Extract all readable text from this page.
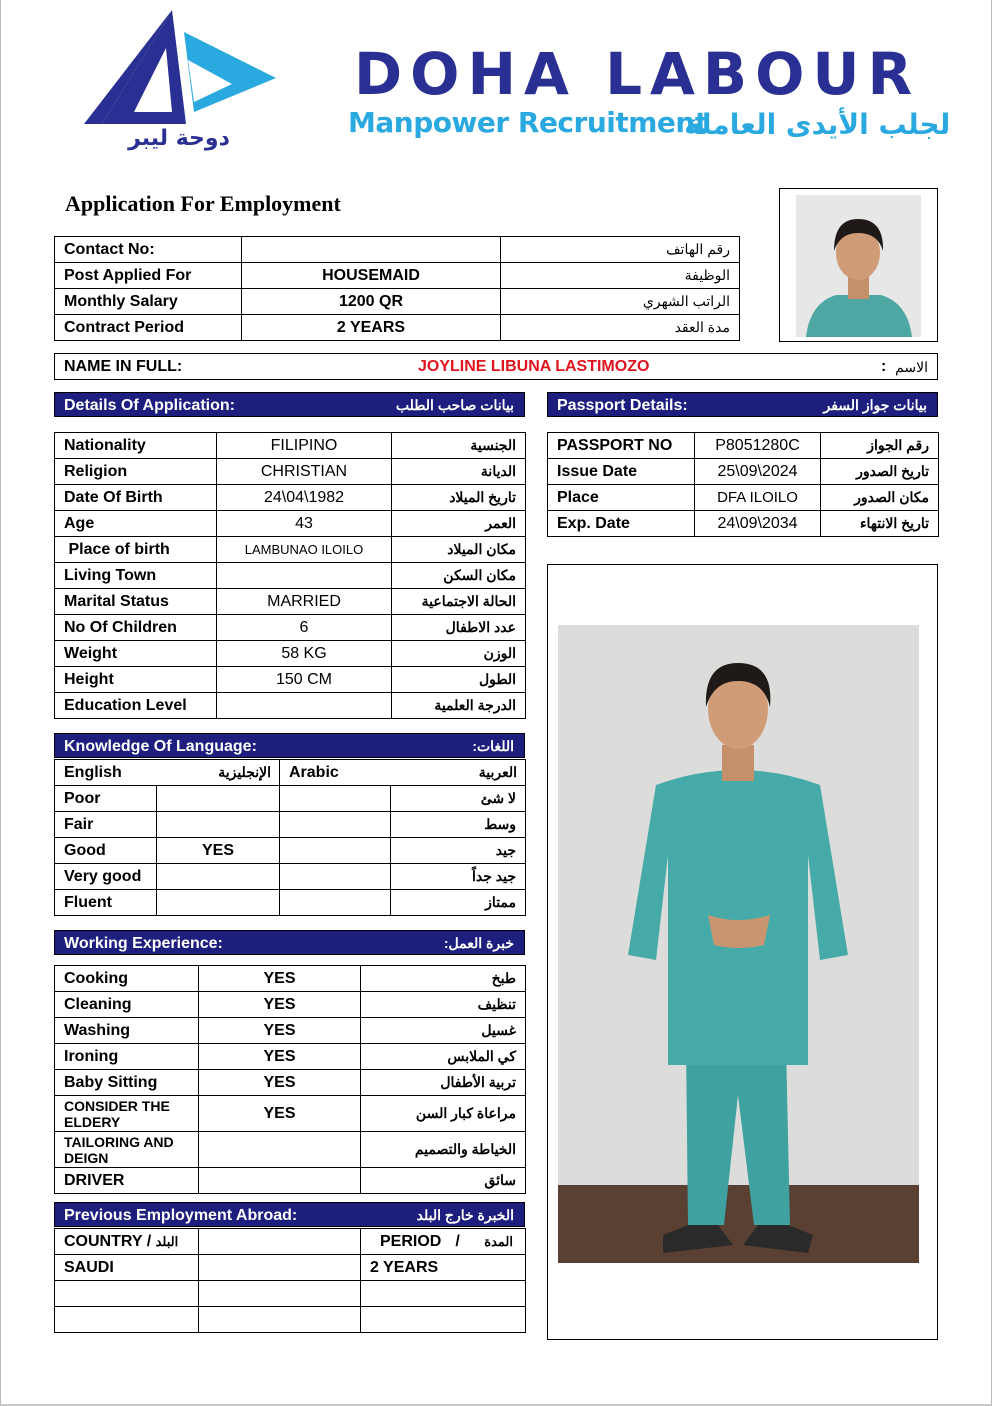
دوحة ليبر
DOHA LABOUR
Manpower Recruitment
لجلب الأيدى العاملة
Application For Employment
Contact No:		رقم الهاتف
Post Applied For	HOUSEMAID	الوظيفة
Monthly Salary	1200 QR	الراتب الشهري
Contract Period	2 YEARS	مدة العقد
NAME IN FULL:	JOYLINE LIBUNA LASTIMOZO	: الاسم
Details Of Application:	بيانات صاحب الطلب
Nationality	FILIPINO	الجنسية
Religion	CHRISTIAN	الديانة
Date Of Birth	24\04\1982	تاريخ الميلاد
Age	43	العمر
Place of birth	LAMBUNAO ILOILO	مكان الميلاد
Living Town		مكان السكن
Marital Status	MARRIED	الحالة الاجتماعية
No Of Children	6	عدد الاطفال
Weight	58 KG	الوزن
Height	150 CM	الطول
Education Level		الدرجة العلمية
Passport Details:	بيانات جواز السفر
PASSPORT NO	P8051280C	رقم الجواز
Issue Date	25\09\2024	تاريخ الصدور
Place	DFA ILOILO	مكان الصدور
Exp. Date	24\09\2034	تاريخ الانتهاء
Knowledge Of Language:	اللغات:
English الإنجليزية		Arabic العربية	

Poor			لا شئ
Fair			وسط
Good	YES		جيد
Very good			جيد جداً
Fluent			ممتاز
Working Experience:	خبرة العمل:
Cooking	YES	طبخ
Cleaning	YES	تنظيف
Washing	YES	غسيل
Ironing	YES	كي الملابس
Baby Sitting	YES	تربية الأطفال
CONSIDER THE ELDERY	YES	مراعاة كبار السن
TAILORING AND DEIGN		الخياطة والتصميم
DRIVER		سائق
Previous Employment Abroad:	الخبرة خارج البلد
COUNTRY / البلد		PERIOD / المدة

SAUDI		2 YEARS
